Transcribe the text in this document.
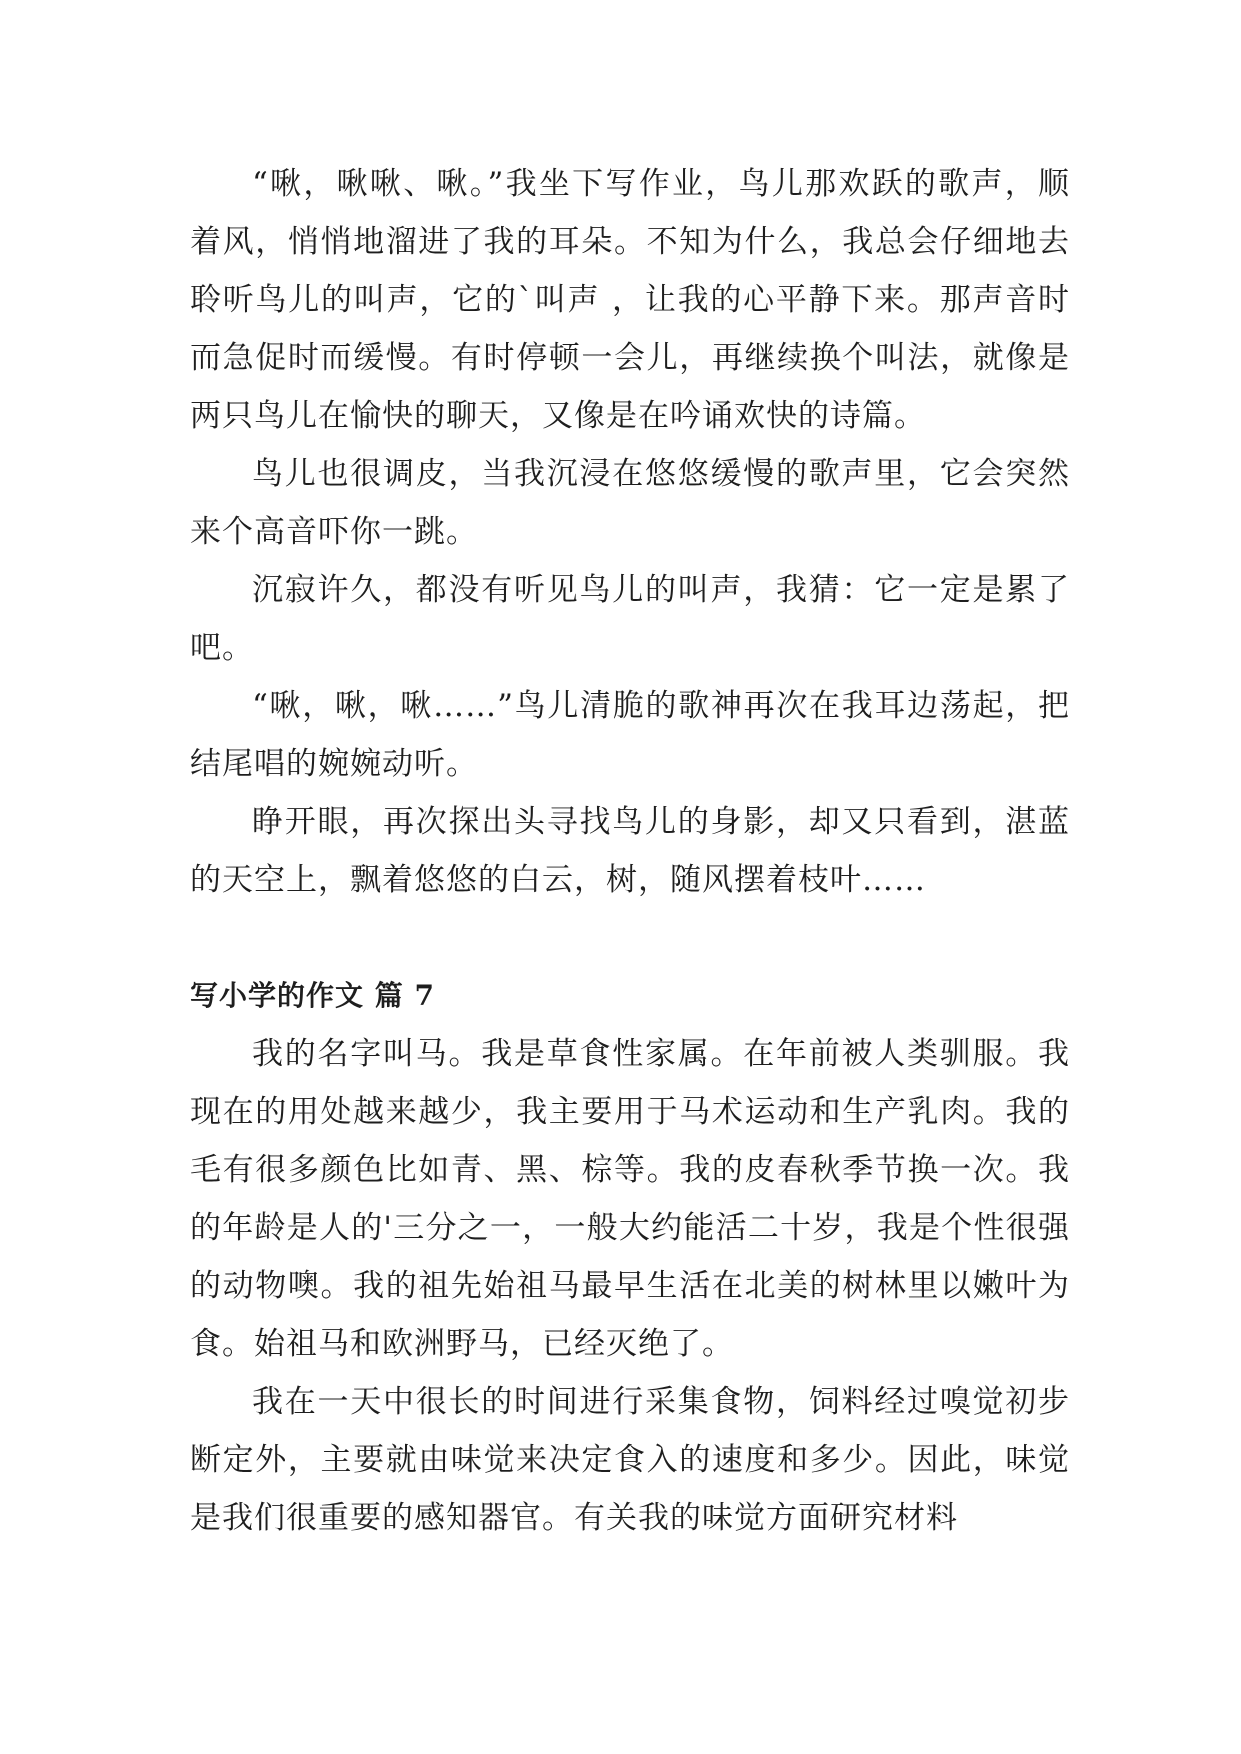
“啾，啾啾、啾。”我坐下写作业，鸟儿那欢跃的歌声，顺着风，悄悄地溜进了我的耳朵。不知为什么，我总会仔细地去聆听鸟儿的叫声，它的`叫声 ，让我的心平静下来。那声音时而急促时而缓慢。有时停顿一会儿，再继续换个叫法，就像是两只鸟儿在愉快的聊天，又像是在吟诵欢快的诗篇。

鸟儿也很调皮，当我沉浸在悠悠缓慢的歌声里，它会突然来个高音吓你一跳。

沉寂许久，都没有听见鸟儿的叫声，我猜：它一定是累了吧。

“啾，啾，啾……”鸟儿清脆的歌神再次在我耳边荡起，把结尾唱的婉婉动听。

睁开眼，再次探出头寻找鸟儿的身影，却又只看到，湛蓝的天空上，飘着悠悠的白云，树，随风摆着枝叶……

写小学的作文 篇 7

我的名字叫马。我是草食性家属。在年前被人类驯服。我现在的用处越来越少，我主要用于马术运动和生产乳肉。我的毛有很多颜色比如青、黑、棕等。我的皮春秋季节换一次。我的年龄是人的'三分之一，一般大约能活二十岁，我是个性很强的动物噢。我的祖先始祖马最早生活在北美的树林里以嫩叶为食。始祖马和欧洲野马，已经灭绝了。

我在一天中很长的时间进行采集食物，饲料经过嗅觉初步断定外，主要就由味觉来决定食入的速度和多少。因此，味觉是我们很重要的感知器官。有关我的味觉方面研究材料
